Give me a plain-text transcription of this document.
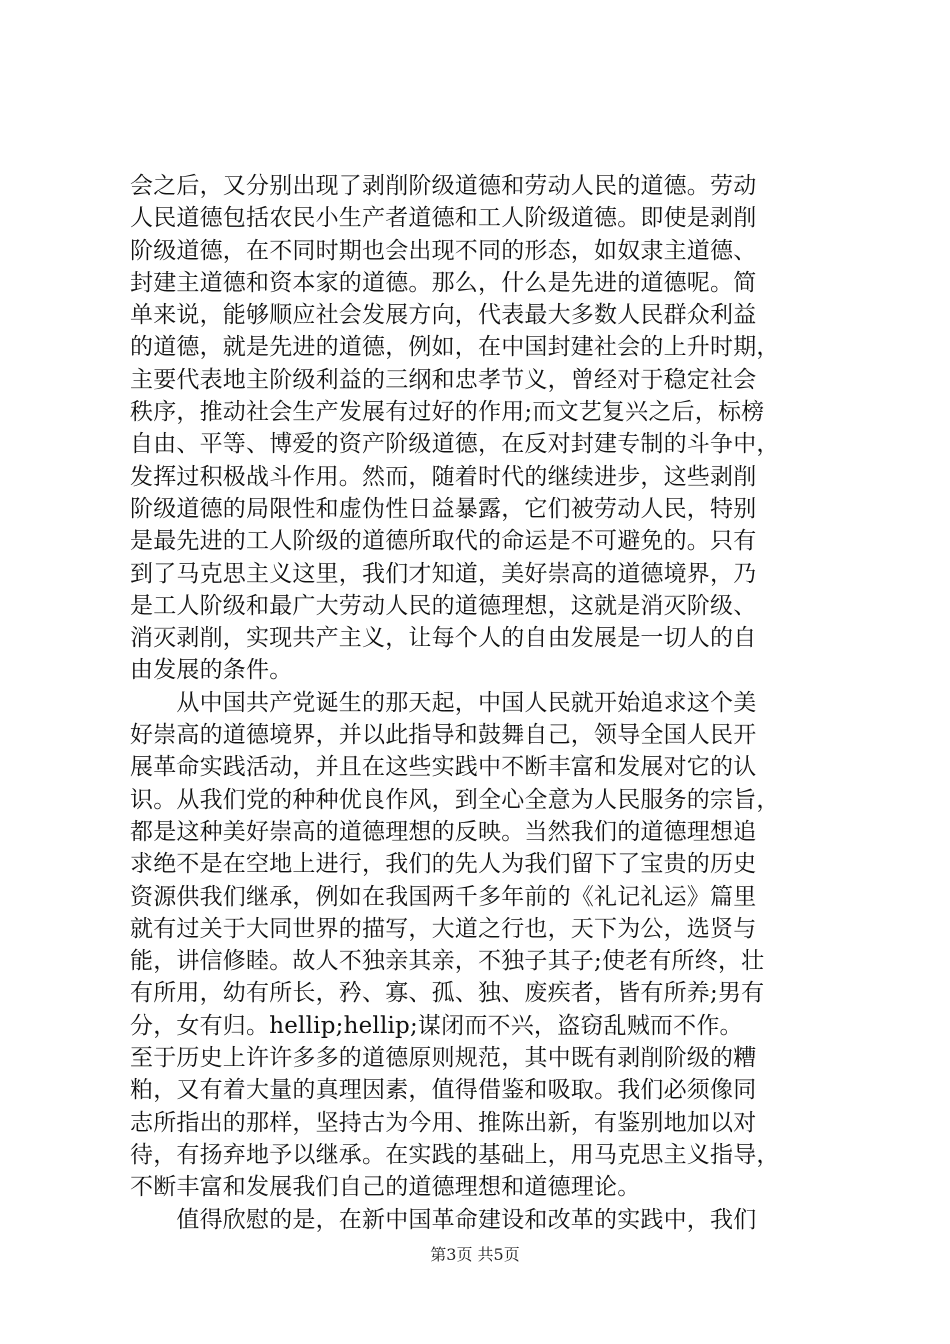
会之后，又分别出现了剥削阶级道德和劳动人民的道德。劳动
人民道德包括农民小生产者道德和工人阶级道德。即使是剥削
阶级道德，在不同时期也会出现不同的形态，如奴隶主道德、
封建主道德和资本家的道德。那么，什么是先进的道德呢。简
单来说，能够顺应社会发展方向，代表最大多数人民群众利益
的道德，就是先进的道德，例如，在中国封建社会的上升时期，
主要代表地主阶级利益的三纲和忠孝节义，曾经对于稳定社会
秩序，推动社会生产发展有过好的作用;而文艺复兴之后，标榜
自由、平等、博爱的资产阶级道德，在反对封建专制的斗争中，
发挥过积极战斗作用。然而，随着时代的继续进步，这些剥削
阶级道德的局限性和虚伪性日益暴露，它们被劳动人民，特别
是最先进的工人阶级的道德所取代的命运是不可避免的。只有
到了马克思主义这里，我们才知道，美好崇高的道德境界，乃
是工人阶级和最广大劳动人民的道德理想，这就是消灭阶级、
消灭剥削，实现共产主义，让每个人的自由发展是一切人的自
由发展的条件。
　　从中国共产党诞生的那天起，中国人民就开始追求这个美
好崇高的道德境界，并以此指导和鼓舞自己，领导全国人民开
展革命实践活动，并且在这些实践中不断丰富和发展对它的认
识。从我们党的种种优良作风，到全心全意为人民服务的宗旨，
都是这种美好崇高的道德理想的反映。当然我们的道德理想追
求绝不是在空地上进行，我们的先人为我们留下了宝贵的历史
资源供我们继承，例如在我国两千多年前的《礼记礼运》篇里
就有过关于大同世界的描写，大道之行也，天下为公，选贤与
能，讲信修睦。故人不独亲其亲，不独子其子;使老有所终，壮
有所用，幼有所长，矜、寡、孤、独、废疾者，皆有所养;男有
分，女有归。hellip;hellip;谋闭而不兴，盗窃乱贼而不作。
至于历史上许许多多的道德原则规范，其中既有剥削阶级的糟
粕，又有着大量的真理因素，值得借鉴和吸取。我们必须像同
志所指出的那样，坚持古为今用、推陈出新，有鉴别地加以对
待，有扬弃地予以继承。在实践的基础上，用马克思主义指导，
不断丰富和发展我们自己的道德理想和道德理论。
　　值得欣慰的是，在新中国革命建设和改革的实践中，我们
第3页 共5页
